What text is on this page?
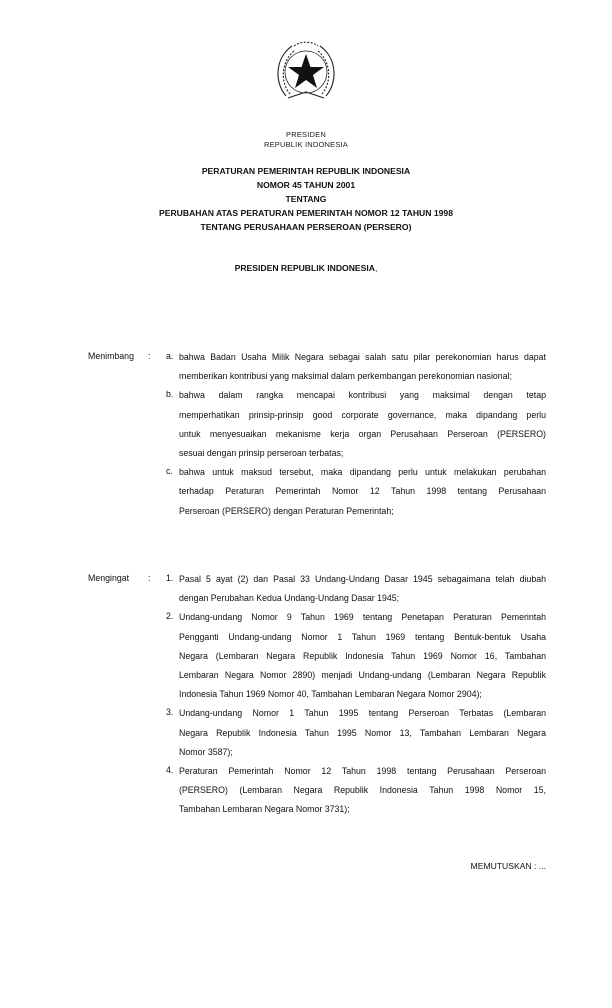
PRESIDEN
REPUBLIK INDONESIA
PERATURAN PEMERINTAH REPUBLIK INDONESIA
NOMOR 45 TAHUN 2001
TENTANG
PERUBAHAN ATAS PERATURAN PEMERINTAH NOMOR 12 TAHUN 1998
TENTANG PERUSAHAAN PERSEROAN (PERSERO)
PRESIDEN REPUBLIK INDONESIA,
Menimbang : a. bahwa Badan Usaha Milik Negara sebagai salah satu pilar perekonomian harus dapat
memberikan kontribusi yang maksimal dalam perkembangan perekonomian nasional;
b. bahwa dalam rangka mencapai kontribusi yang maksimal dengan tetap
memperhatikan prinsip-prinsip good corporate governance, maka dipandang perlu
untuk menyesuaikan mekanisme kerja organ Perusahaan Perseroan (PERSERO)
sesuai dengan prinsip perseroan terbatas;
c. bahwa untuk maksud tersebut, maka dipandang perlu untuk melakukan perubahan
terhadap Peraturan Pemerintah Nomor 12 Tahun 1998 tentang Perusahaan
Perseroan (PERSERO) dengan Peraturan Pemerintah;
Mengingat : 1. Pasal 5 ayat (2) dan Pasal 33 Undang-Undang Dasar 1945 sebagaimana telah diubah
dengan Perubahan Kedua Undang-Undang Dasar 1945;
2. Undang-undang Nomor 9 Tahun 1969 tentang Penetapan Peraturan Pemerintah
Pengganti Undang-undang Nomor 1 Tahun 1969 tentang Bentuk-bentuk Usaha
Negara (Lembaran Negara Republik Indonesia Tahun 1969 Nomor 16, Tambahan
Lembaran Negara Nomor 2890) menjadi Undang-undang (Lembaran Negara Republik
Indonesia Tahun 1969 Nomor 40, Tambahan Lembaran Negara Nomor 2904);
3. Undang-undang Nomor 1 Tahun 1995 tentang Perseroan Terbatas (Lembaran
Negara Republik Indonesia Tahun 1995 Nomor 13, Tambahan Lembaran Negara
Nomor 3587);
4. Peraturan Pemerintah Nomor 12 Tahun 1998 tentang Perusahaan Perseroan
(PERSERO) (Lembaran Negara Republik Indonesia Tahun 1998 Nomor 15,
Tambahan Lembaran Negara Nomor 3731);
MEMUTUSKAN : ...
